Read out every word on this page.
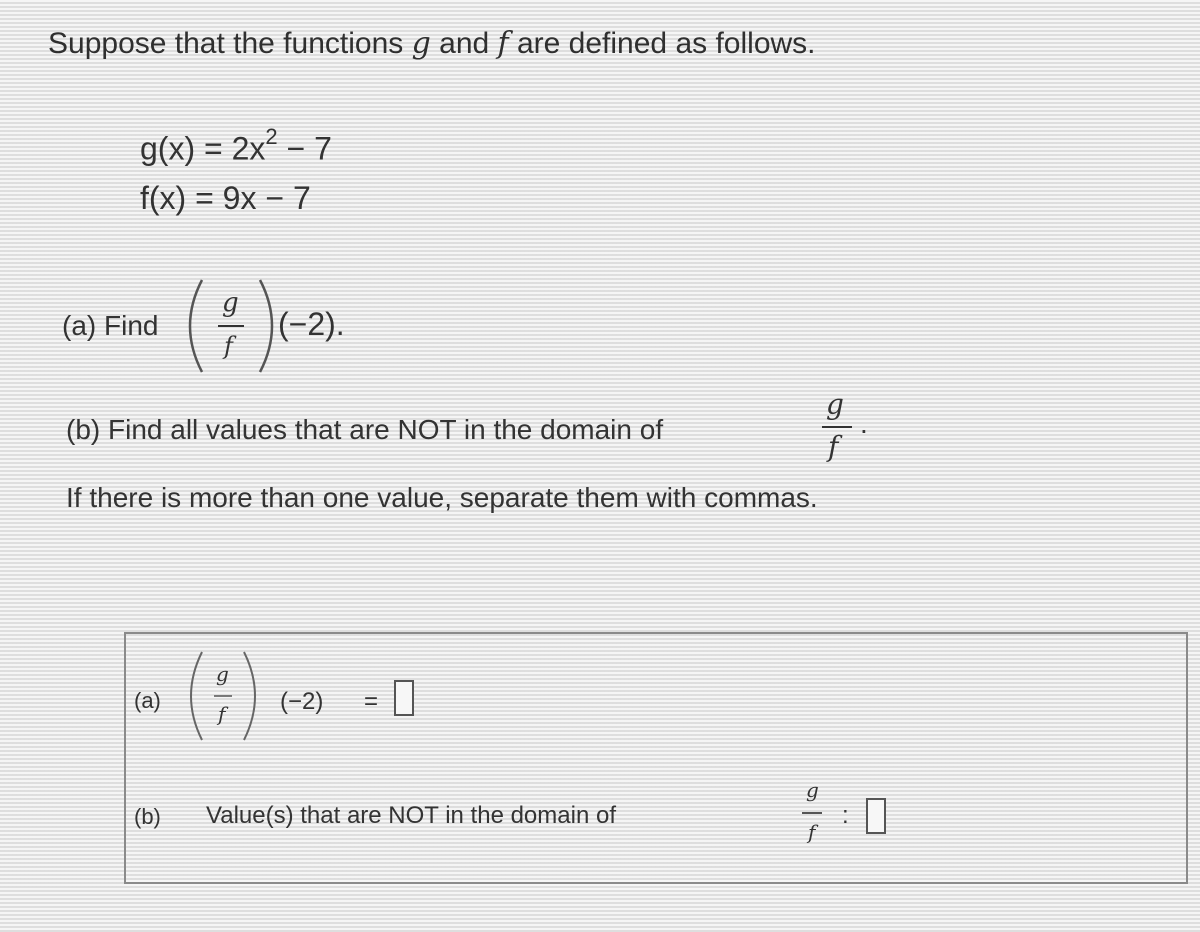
Suppose that the functions g and f are defined as follows.
$g(x) = 2x^2 - 7$
f(x) = 9x − 7
(a) Find
g
f
(−2).
(b) Find all values that are NOT in the domain of
g
f
.
If there is more than one value, separate them with commas.
(a)
g
f (−2) =
(b) Value(s) that are NOT in the domain of
g
f
:
